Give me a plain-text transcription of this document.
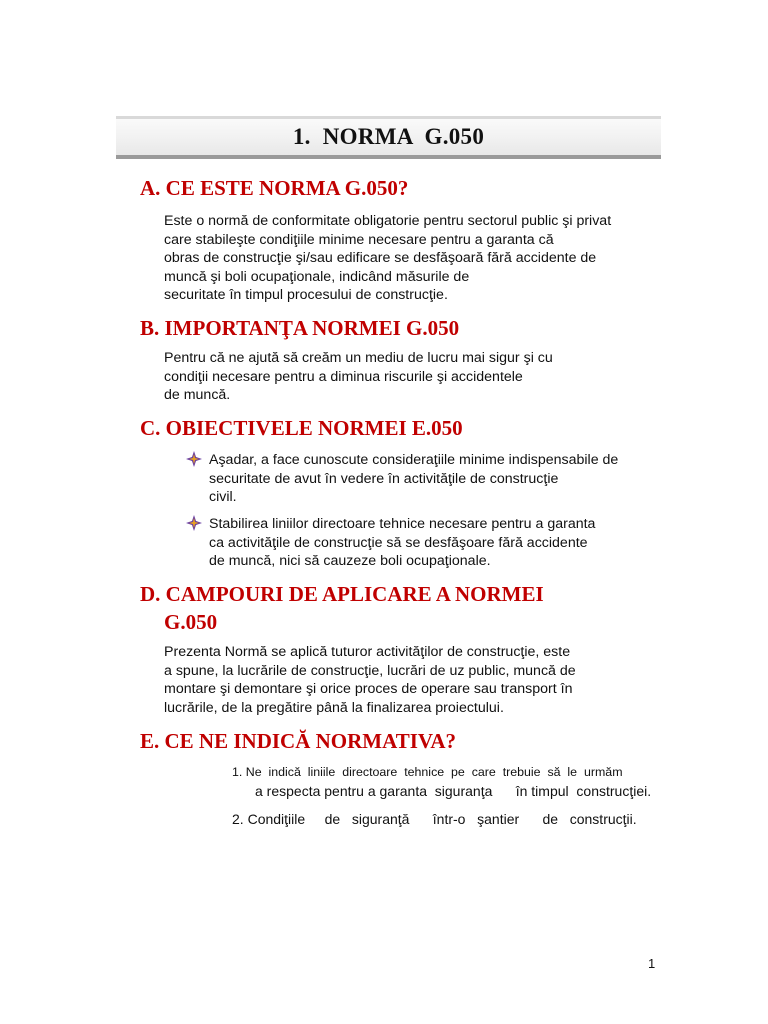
1.  NORMA  G.050
A. CE ESTE NORMA G.050?
Este o normă de conformitate obligatorie pentru sectorul public şi privat
care stabileşte condiţiile minime necesare pentru a garanta că
obras de construcţie şi/sau edificare se desfăşoară fără accidente de
muncă şi boli ocupaţionale, indicând măsurile de
securitate în timpul procesului de construcţie.
B. IMPORTANŢA NORMEI G.050
Pentru că ne ajută să creăm un mediu de lucru mai sigur şi cu
condiţii necesare pentru a diminua riscurile şi accidentele
de muncă.
C. OBIECTIVELE NORMEI E.050
Aşadar, a face cunoscute consideraţiile minime indispensabile de
securitate de avut în vedere în activităţile de construcţie
civil.
Stabilirea liniilor directoare tehnice necesare pentru a garanta
ca activităţile de construcţie să se desfăşoare fără accidente
de muncă, nici să cauzeze boli ocupaţionale.
D. CAMPOURI DE APLICARE A NORMEI
G.050
Prezenta Normă se aplică tuturor activităţilor de construcţie, este
a spune, la lucrările de construcţie, lucrări de uz public, muncă de
montare şi demontare şi orice proces de operare sau transport în
lucrările, de la pregătire până la finalizarea proiectului.
E. CE NE INDICĂ NORMATIVA?
1. Ne  indică  liniile  directoare  tehnice  pe  care  trebuie  să  le  urmăm
a respecta pentru a garanta  siguranţa      în timpul  construcţiei.
2. Condiţiile     de   siguranţă      într-o   şantier      de   construcţii.
1
